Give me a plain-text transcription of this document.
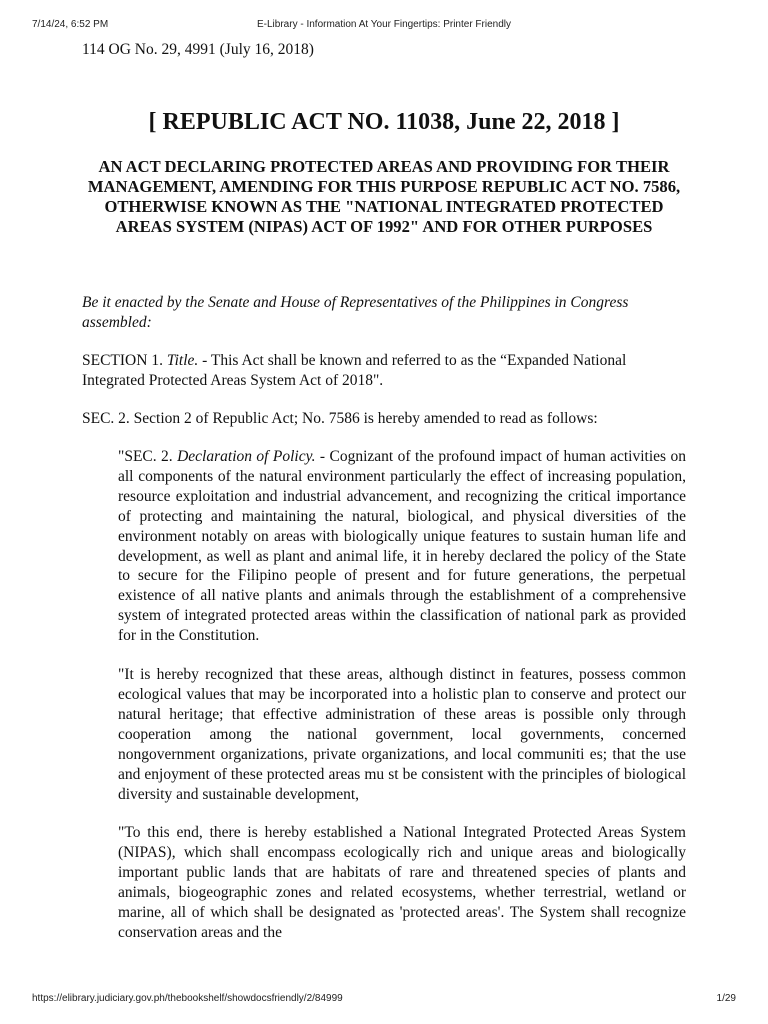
7/14/24, 6:52 PM	E-Library - Information At Your Fingertips: Printer Friendly

114 OG No. 29, 4991 (July 16, 2018)

[ REPUBLIC ACT NO. 11038, June 22, 2018 ]
AN ACT DECLARING PROTECTED AREAS AND PROVIDING FOR THEIR MANAGEMENT, AMENDING FOR THIS PURPOSE REPUBLIC ACT NO. 7586, OTHERWISE KNOWN AS THE "NATIONAL INTEGRATED PROTECTED AREAS SYSTEM (NIPAS) ACT OF 1992" AND FOR OTHER PURPOSES

Be it enacted by the Senate and House of Representatives of the Philippines in Congress assembled:

SECTION 1. Title. - This Act shall be known and referred to as the “Expanded National Integrated Protected Areas System Act of 2018".

SEC. 2. Section 2 of Republic Act; No. 7586 is hereby amended to read as follows:

"SEC. 2. Declaration of Policy. - Cognizant of the profound impact of human activities on all components of the natural environment particularly the effect of increasing population, resource exploitation and industrial advancement, and recognizing the critical importance of protecting and maintaining the natural, biological, and physical diversities of the environment notably on areas with biologically unique features to sustain human life and development, as well as plant and animal life, it in hereby declared the policy of the State to secure for the Filipino people of present and for future generations, the perpetual existence of all native plants and animals through the establishment of a comprehensive system of integrated protected areas within the classification of national park as provided for in the Constitution.

"It is hereby recognized that these areas, although distinct in features, possess common ecological values that may be incorporated into a holistic plan to conserve and protect our natural heritage; that effective administration of these areas is possible only through cooperation among the national government, local governments, concerned nongovernment organizations, private organizations, and local communiti es; that the use and enjoyment of these protected areas mu st be consistent with the principles of biological diversity and sustainable development,

"To this end, there is hereby established a National Integrated Protected Areas System (NIPAS), which shall encompass ecologically rich and unique areas and biologically important public lands that are habitats of rare and threatened species of plants and animals, biogeographic zones and related ecosystems, whether terrestrial, wetland or marine, all of which shall be designated as 'protected areas'. The System shall recognize conservation areas and the

https://elibrary.judiciary.gov.ph/thebookshelf/showdocsfriendly/2/84999	1/29
